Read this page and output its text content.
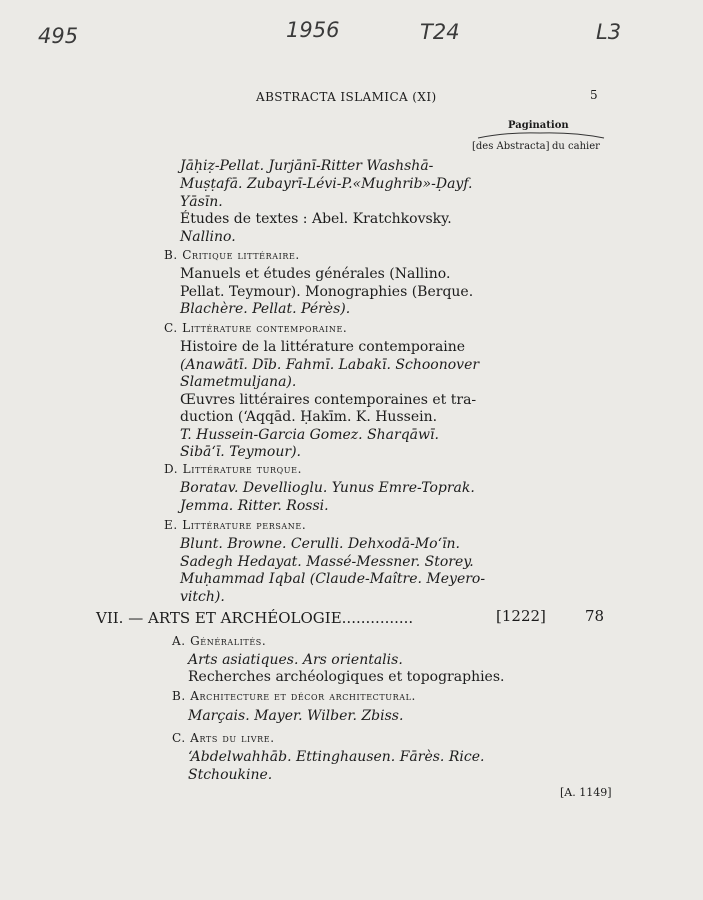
495	1956	T24	L3
ABSTRACTA ISLAMICA (XI)	5
Pagination
[des Abstracta] du cahier
Jāḥiẓ-Pellat. Jurjānī-Ritter Washshā-
Muṣṭafā. Zubayrī-Lévi-P.«Mughrib»-Ḍayf.
Yāsīn.
Études de textes : Abel. Kratchkovsky.
Nallino.
B. Critique littéraire.
Manuels et études générales (Nallino.
Pellat. Teymour). Monographies (Berque.
Blachère. Pellat. Pérès).
C. Littérature contemporaine.
Histoire de la littérature contemporaine
(Anawātī. Dīb. Fahmī. Labakī. Schoonover
Slametmuljana).
Œuvres littéraires contemporaines et tra-
duction (‘Aqqād. Ḥakīm. K. Hussein.
T. Hussein-Garcia Gomez. Sharqāwī.
Sibā‘ī. Teymour).
D. Littérature turque.
Boratav. Devellioglu. Yunus Emre-Toprak.
Jemma. Ritter. Rossi.
E. Littérature persane.
Blunt. Browne. Cerulli. Dehxodā-Mo‘īn.
Sadegh Hedayat. Massé-Messner. Storey.
Muḥammad Iqbal (Claude-Maître. Meyero-
vitch).
VII. — ARTS ET ARCHÉOLOGIE...............	[1222]	78
A. Généralités.
Arts asiatiques. Ars orientalis.
Recherches archéologiques et topographies.
B. Architecture et décor architectural.
Marçais. Mayer. Wilber. Zbiss.
C. Arts du livre.
‘Abdelwahhāb. Ettinghausen. Fārès. Rice.
Stchoukine.
[A. 1149]
